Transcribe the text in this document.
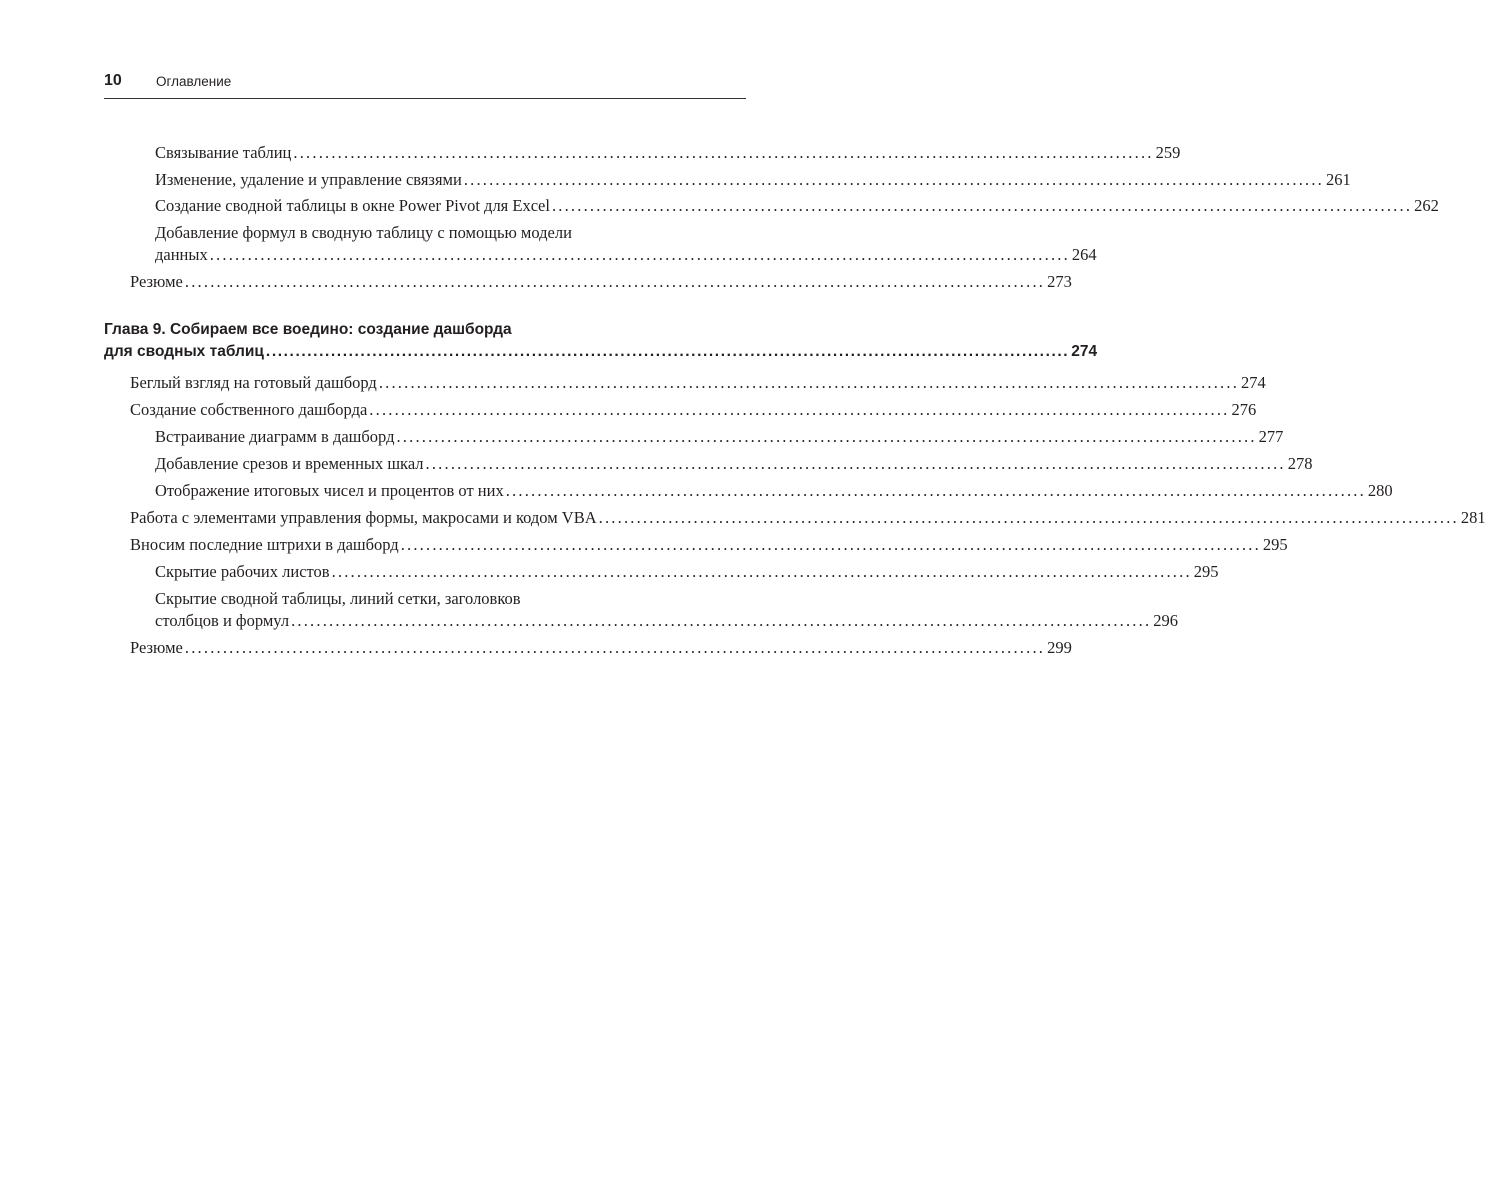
10	Оглавление
Связывание таблиц ........................................................................................................................................ 259
Изменение, удаление и управление связями ........................................................................................................................................ 261
Создание сводной таблицы в окне Power Pivot для Excel ........................................................................................................................................ 262
Добавление формул в сводную таблицу с помощью модели
данных ........................................................................................................................................ 264
Резюме ........................................................................................................................................ 273
Глава 9. Собираем все воедино: создание дашборда
для сводных таблиц ........................................................................................................................................ 274
Беглый взгляд на готовый дашборд ........................................................................................................................................ 274
Создание собственного дашборда ........................................................................................................................................ 276
Встраивание диаграмм в дашборд ........................................................................................................................................ 277
Добавление срезов и временных шкал ........................................................................................................................................ 278
Отображение итоговых чисел и процентов от них ........................................................................................................................................ 280
Работа с элементами управления формы, макросами и кодом VBA ........................................................................................................................................ 281
Вносим последние штрихи в дашборд ........................................................................................................................................ 295
Скрытие рабочих листов ........................................................................................................................................ 295
Скрытие сводной таблицы, линий сетки, заголовков
столбцов и формул ........................................................................................................................................ 296
Резюме ........................................................................................................................................ 299
